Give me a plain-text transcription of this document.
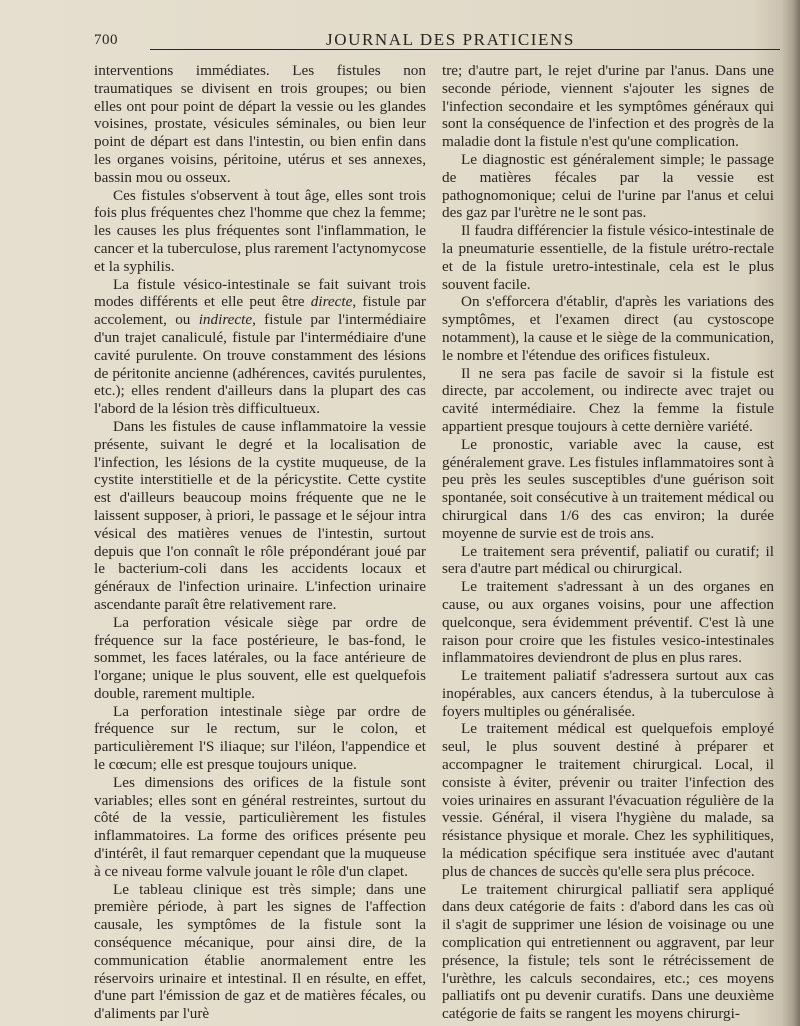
700	JOURNAL DES PRATICIENS

interventions immédiates. Les fistules non traumatiques se divisent en trois groupes; ou bien elles ont pour point de départ la vessie ou les glandes voisines, prostate, vésicules séminales, ou bien leur point de départ est dans l'intestin, ou bien enfin dans les organes voisins, péritoine, utérus et ses annexes, bassin mou ou osseux.

Ces fistules s'observent à tout âge, elles sont trois fois plus fréquentes chez l'homme que chez la femme; les causes les plus fréquentes sont l'inflammation, le cancer et la tuberculose, plus rarement l'actynomycose et la syphilis.

La fistule vésico-intestinale se fait suivant trois modes différents et elle peut être directe, fistule par accolement, ou indirecte, fistule par l'intermédiaire d'un trajet canaliculé, fistule par l'intermédiaire d'une cavité purulente. On trouve constamment des lésions de péritonite ancienne (adhérences, cavités purulentes, etc.); elles rendent d'ailleurs dans la plupart des cas l'abord de la lésion très difficultueux.

Dans les fistules de cause inflammatoire la vessie présente, suivant le degré et la localisation de l'infection, les lésions de la cystite muqueuse, de la cystite interstitielle et de la péricystite. Cette cystite est d'ailleurs beaucoup moins fréquente que ne le laissent supposer, à priori, le passage et le séjour intra vésical des matières venues de l'intestin, surtout depuis que l'on connaît le rôle prépondérant joué par le bacterium-coli dans les accidents locaux et généraux de l'infection urinaire. L'infection urinaire ascendante paraît être relativement rare.

La perforation vésicale siège par ordre de fréquence sur la face postérieure, le bas-fond, le sommet, les faces latérales, ou la face antérieure de l'organe; unique le plus souvent, elle est quelquefois double, rarement multiple.

La perforation intestinale siège par ordre de fréquence sur le rectum, sur le colon, et particulièrement l'S iliaque; sur l'iléon, l'appendice et le cœcum; elle est presque toujours unique.

Les dimensions des orifices de la fistule sont variables; elles sont en général restreintes, surtout du côté de la vessie, particulièrement les fistules inflammatoires. La forme des orifices présente peu d'intérêt, il faut remarquer cependant que la muqueuse à ce niveau forme valvule jouant le rôle d'un clapet.

Le tableau clinique est très simple; dans une première période, à part les signes de l'affection causale, les symptômes de la fistule sont la conséquence mécanique, pour ainsi dire, de la communication établie anormalement entre les réservoirs urinaire et intestinal. Il en résulte, en effet, d'une part l'émission de gaz et de matières fécales, ou d'aliments par l'urè

tre; d'autre part, le rejet d'urine par l'anus. Dans une seconde période, viennent s'ajouter les signes de l'infection secondaire et les symptômes généraux qui sont la conséquence de l'infection et des progrès de la maladie dont la fistule n'est qu'une complication.

Le diagnostic est généralement simple; le passage de matières fécales par la vessie est pathognomonique; celui de l'urine par l'anus et celui des gaz par l'urètre ne le sont pas.

Il faudra différencier la fistule vésico-intestinale de la pneumaturie essentielle, de la fistule urétro-rectale et de la fistule uretro-intestinale, cela est le plus souvent facile.

On s'efforcera d'établir, d'après les variations des symptômes, et l'examen direct (au cystoscope notamment), la cause et le siège de la communication, le nombre et l'étendue des orifices fistuleux.

Il ne sera pas facile de savoir si la fistule est directe, par accolement, ou indirecte avec trajet ou cavité intermédiaire. Chez la femme la fistule appartient presque toujours à cette dernière variété.

Le pronostic, variable avec la cause, est généralement grave. Les fistules inflammatoires sont à peu près les seules susceptibles d'une guérison soit spontanée, soit consécutive à un traitement médical ou chirurgical dans 1/6 des cas environ; la durée moyenne de survie est de trois ans.

Le traitement sera préventif, paliatif ou curatif; il sera d'autre part médical ou chirurgical.

Le traitement s'adressant à un des organes en cause, ou aux organes voisins, pour une affection quelconque, sera évidemment préventif. C'est là une raison pour croire que les fistules vesico-intestinales inflammatoires deviendront de plus en plus rares.

Le traitement paliatif s'adressera surtout aux cas inopérables, aux cancers étendus, à la tuberculose à foyers multiples ou généralisée.

Le traitement médical est quelquefois employé seul, le plus souvent destiné à préparer et accompagner le traitement chirurgical. Local, il consiste à éviter, prévenir ou traiter l'infection des voies urinaires en assurant l'évacuation régulière de la vessie. Général, il visera l'hygiène du malade, sa résistance physique et morale. Chez les syphilitiques, la médication spécifique sera instituée avec d'autant plus de chances de succès qu'elle sera plus précoce.

Le traitement chirurgical palliatif sera appliqué dans deux catégorie de faits : d'abord dans les cas où il s'agit de supprimer une lésion de voisinage ou une complication qui entretiennent ou aggravent, par leur présence, la fistule; tels sont le rétrécissement de l'urèthre, les calculs secondaires, etc.; ces moyens palliatifs ont pu devenir curatifs. Dans une deuxième catégorie de faits se rangent les moyens chirurgi-
